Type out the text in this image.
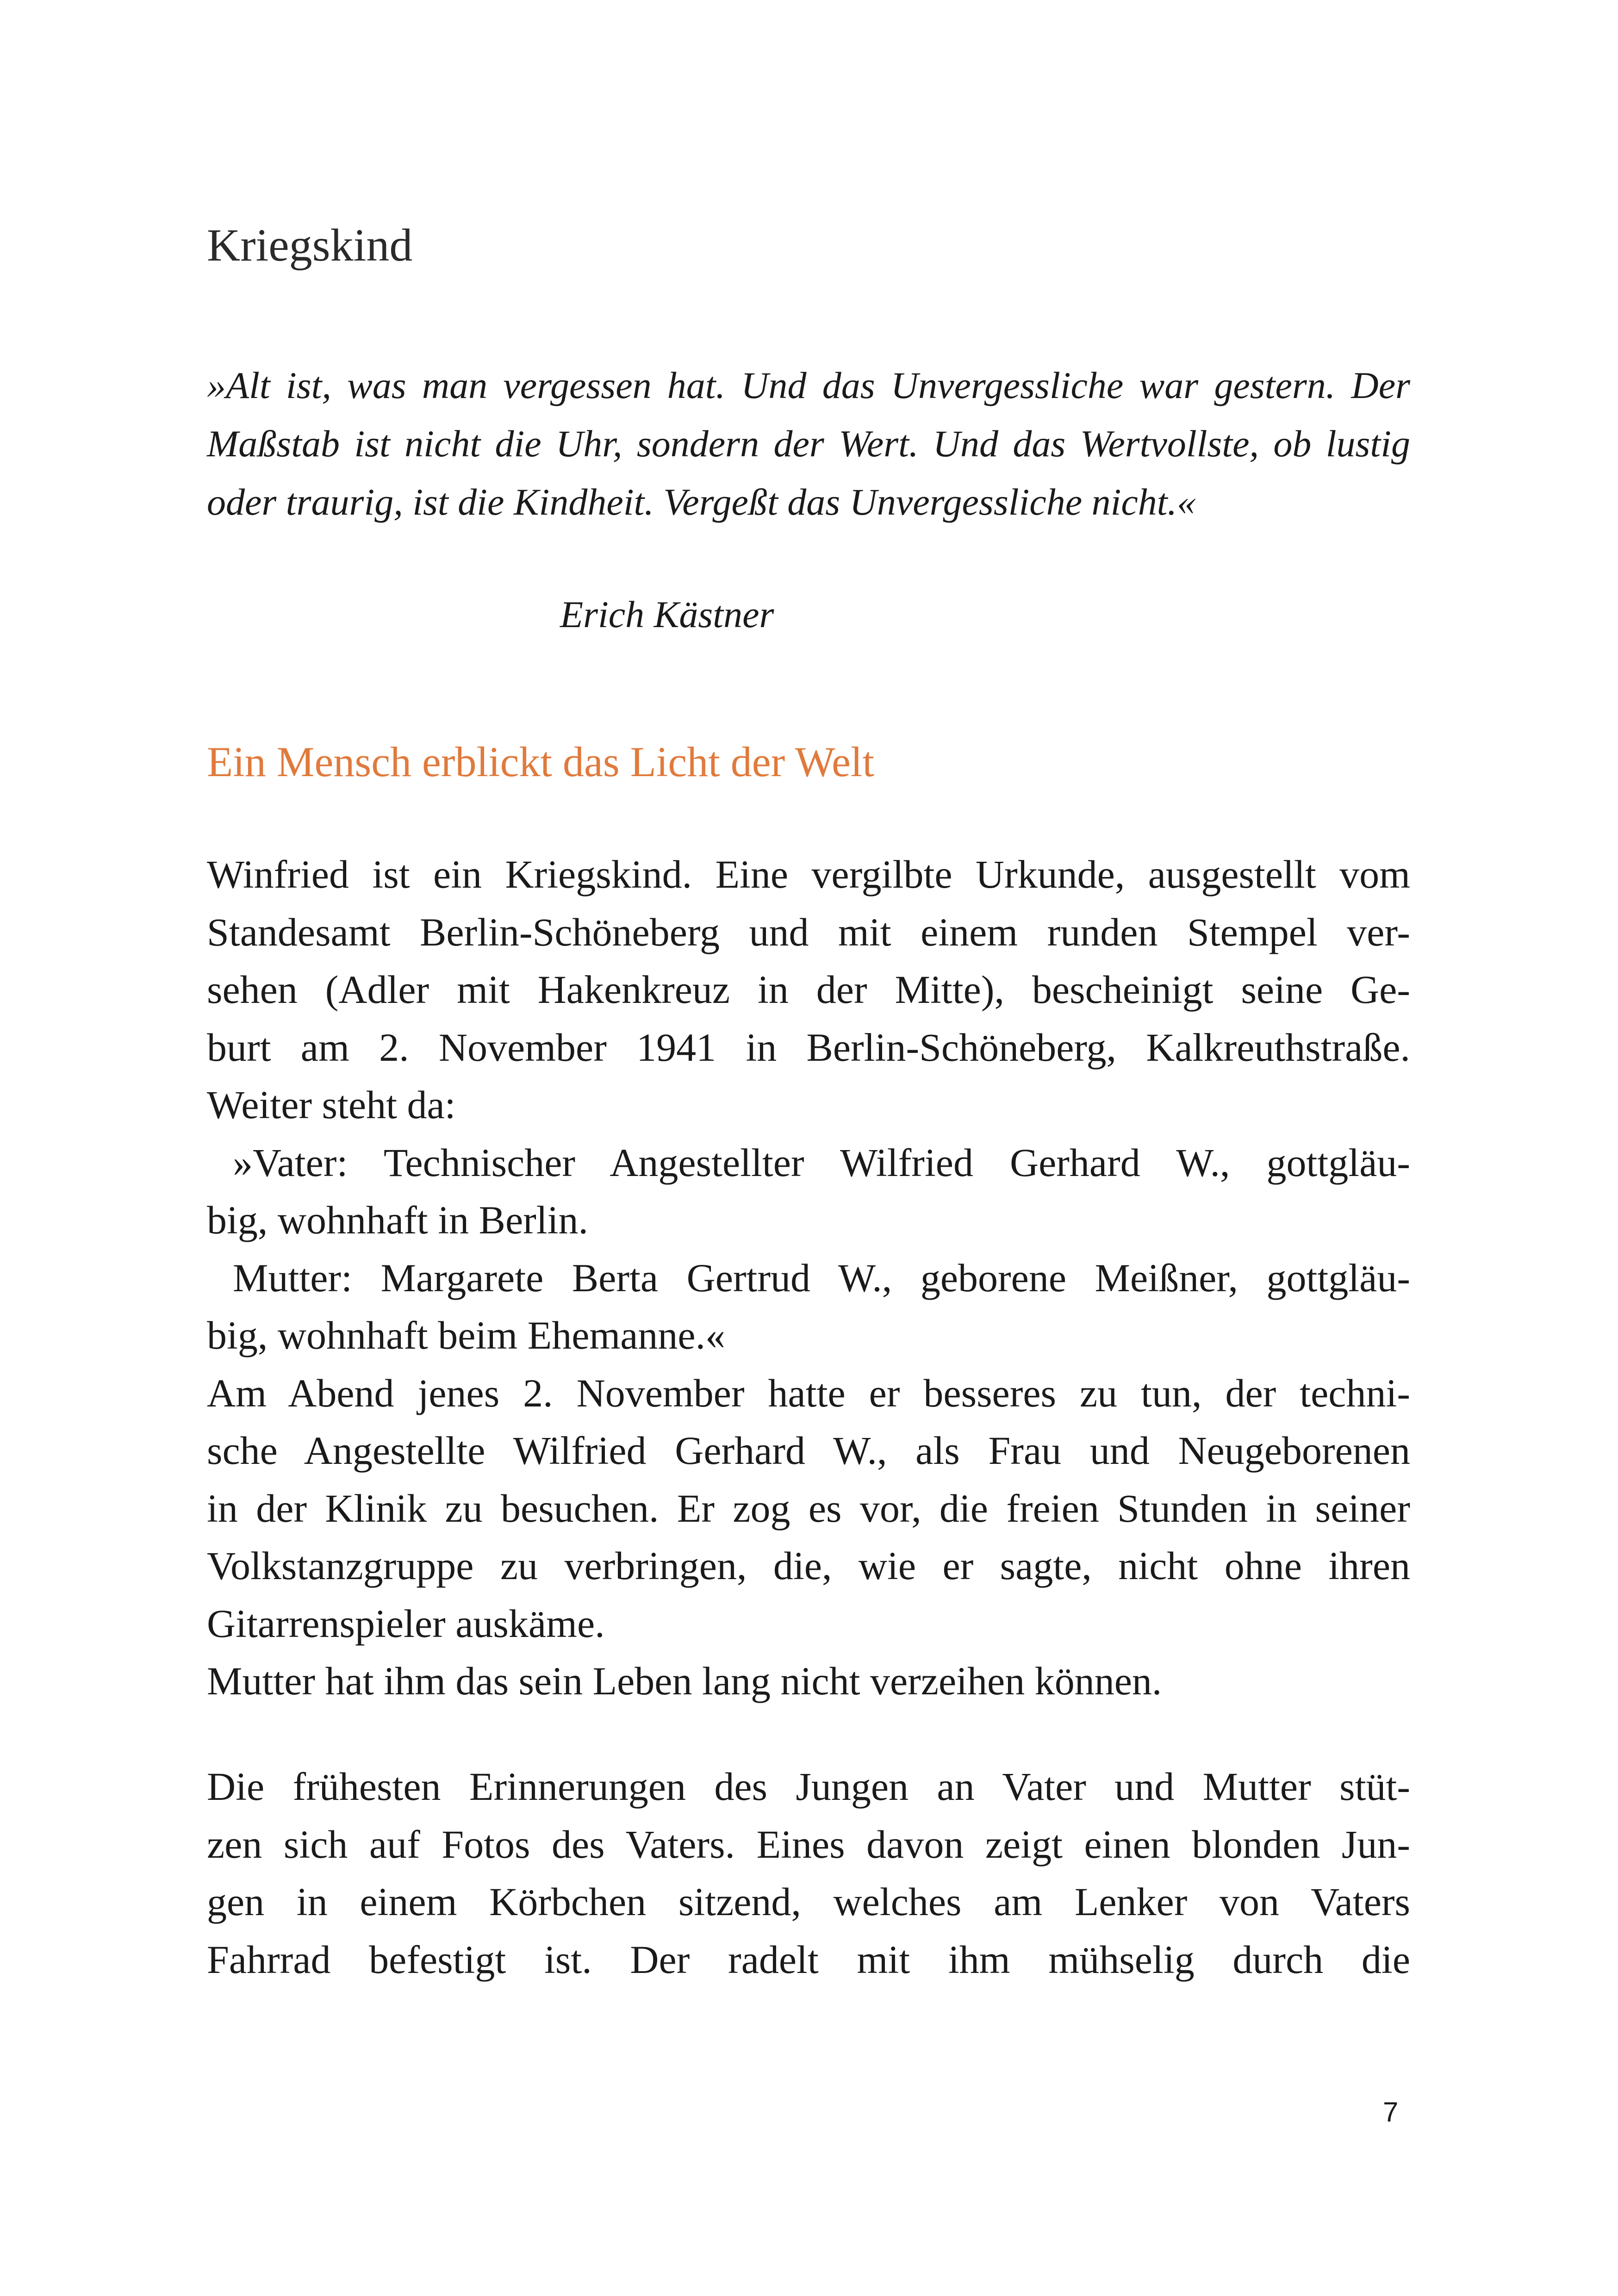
Kriegskind

»Alt ist, was man vergessen hat. Und das Unvergessliche war gestern. Der Maßstab ist nicht die Uhr, sondern der Wert. Und das Wertvollste, ob lustig oder traurig, ist die Kindheit. Vergeßt das Unvergessliche nicht.«

Erich Kästner

Ein Mensch erblickt das Licht der Welt
Winfried ist ein Kriegskind. Eine vergilbte Urkunde, ausgestellt vom
Standesamt Berlin-Schöneberg und mit einem runden Stempel ver-
sehen (Adler mit Hakenkreuz in der Mitte), bescheinigt seine Ge-
burt am 2. November 1941 in Berlin-Schöneberg, Kalkreuthstraße.
Weiter steht da:
»Vater: Technischer Angestellter Wilfried Gerhard W., gottgläu-
big, wohnhaft in Berlin.
Mutter: Margarete Berta Gertrud W., geborene Meißner, gottgläu-
big, wohnhaft beim Ehemanne.«
Am Abend jenes 2. November hatte er besseres zu tun, der techni-
sche Angestellte Wilfried Gerhard W., als Frau und Neugeborenen
in der Klinik zu besuchen. Er zog es vor, die freien Stunden in seiner
Volkstanzgruppe zu verbringen, die, wie er sagte, nicht ohne ihren
Gitarrenspieler auskäme.
Mutter hat ihm das sein Leben lang nicht verzeihen können.
Die frühesten Erinnerungen des Jungen an Vater und Mutter stüt-
zen sich auf Fotos des Vaters. Eines davon zeigt einen blonden Jun-
gen in einem Körbchen sitzend, welches am Lenker von Vaters
Fahrrad befestigt ist. Der radelt mit ihm mühselig durch die
7
